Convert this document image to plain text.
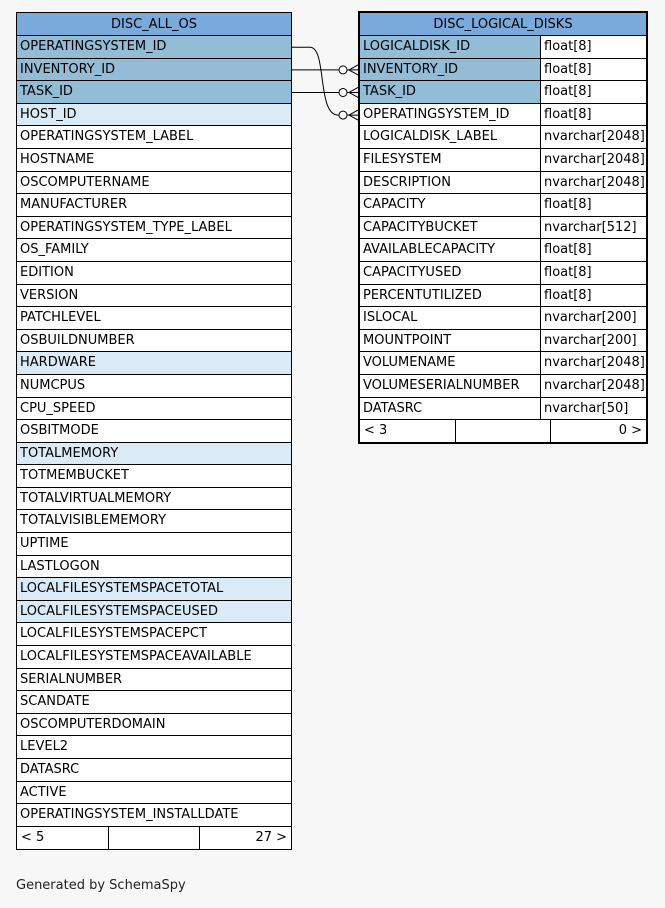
DISC_ALL_OS
OPERATINGSYSTEM_ID
INVENTORY_ID
TASK_ID
HOST_ID
OPERATINGSYSTEM_LABEL
HOSTNAME
OSCOMPUTERNAME
MANUFACTURER
OPERATINGSYSTEM_TYPE_LABEL
OS_FAMILY
EDITION
VERSION
PATCHLEVEL
OSBUILDNUMBER
HARDWARE
NUMCPUS
CPU_SPEED
OSBITMODE
TOTALMEMORY
TOTMEMBUCKET
TOTALVIRTUALMEMORY
TOTALVISIBLEMEMORY
UPTIME
LASTLOGON
LOCALFILESYSTEMSPACETOTAL
LOCALFILESYSTEMSPACEUSED
LOCALFILESYSTEMSPACEPCT
LOCALFILESYSTEMSPACEAVAILABLE
SERIALNUMBER
SCANDATE
OSCOMPUTERDOMAIN
LEVEL2
DATASRC
ACTIVE
OPERATINGSYSTEM_INSTALLDATE
< 5	27 >
DISC_LOGICAL_DISKS
LOGICALDISK_ID	float[8]
INVENTORY_ID	float[8]
TASK_ID	float[8]
OPERATINGSYSTEM_ID	float[8]
LOGICALDISK_LABEL	nvarchar[2048]
FILESYSTEM	nvarchar[2048]
DESCRIPTION	nvarchar[2048]
CAPACITY	float[8]
CAPACITYBUCKET	nvarchar[512]
AVAILABLECAPACITY	float[8]
CAPACITYUSED	float[8]
PERCENTUTILIZED	float[8]
ISLOCAL	nvarchar[200]
MOUNTPOINT	nvarchar[200]
VOLUMENAME	nvarchar[2048]
VOLUMESERIALNUMBER	nvarchar[2048]
DATASRC	nvarchar[50]
< 3	0 >
Generated by SchemaSpy
